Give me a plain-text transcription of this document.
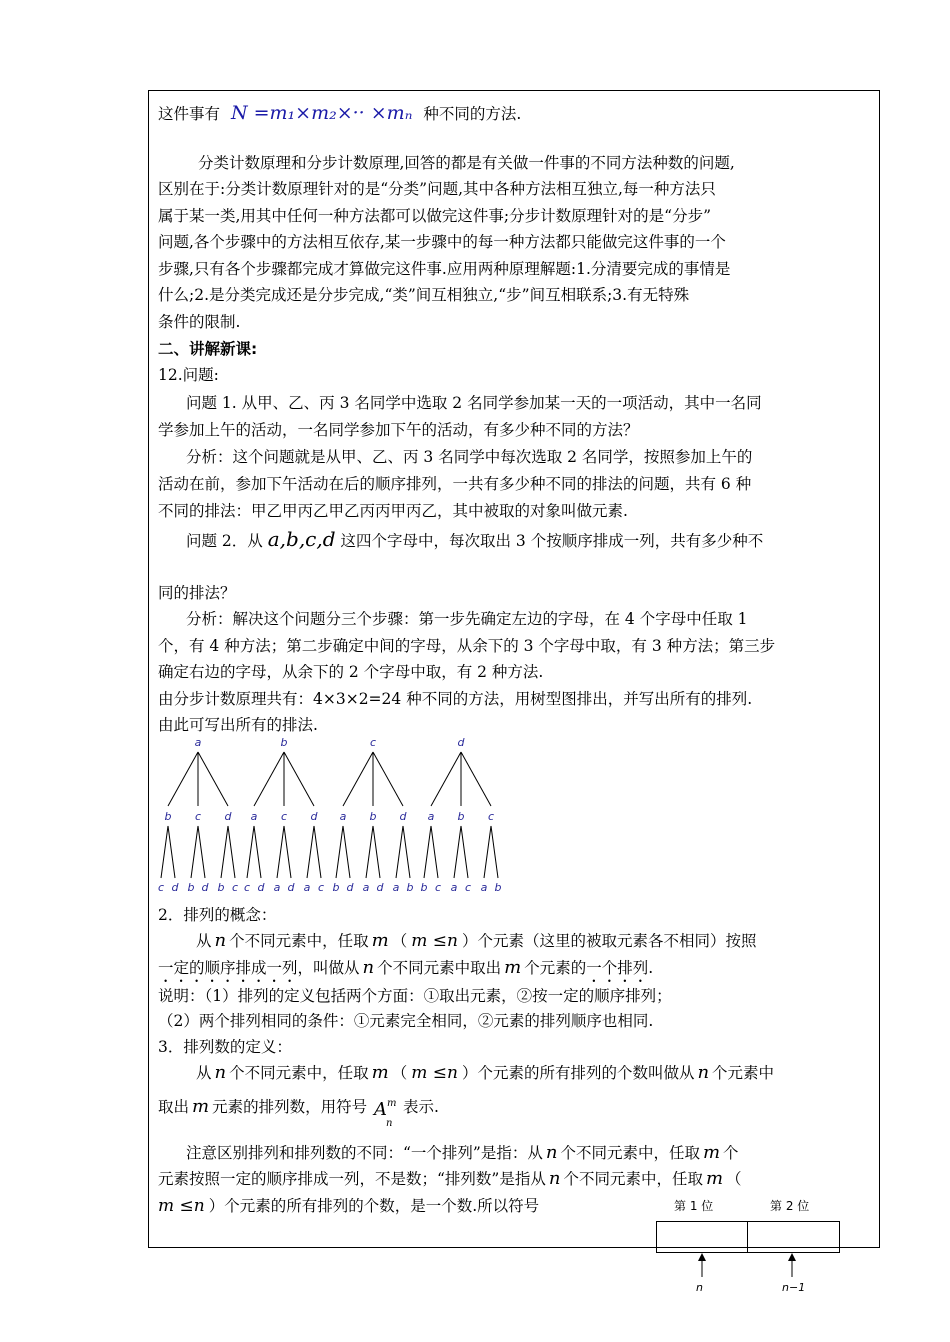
这件事有 N =m₁×m₂×·· ×mₙ 种不同的方法.
分类计数原理和分步计数原理,回答的都是有关做一件事的不同方法种数的问题,
区别在于:分类计数原理针对的是“分类”问题,其中各种方法相互独立,每一种方法只
属于某一类,用其中任何一种方法都可以做完这件事;分步计数原理针对的是“分步”
问题,各个步骤中的方法相互依存,某一步骤中的每一种方法都只能做完这件事的一个
步骤,只有各个步骤都完成才算做完这件事.应用两种原理解题:1.分清要完成的事情是
什么;2.是分类完成还是分步完成,“类”间互相独立,“步”间互相联系;3.有无特殊
条件的限制.
二、讲解新课:
12.问题:
问题 1. 从甲、乙、丙 3 名同学中选取 2 名同学参加某一天的一项活动，其中一名同
学参加上午的活动，一名同学参加下午的活动，有多少种不同的方法？
分析：这个问题就是从甲、乙、丙 3 名同学中每次选取 2 名同学，按照参加上午的
活动在前，参加下午活动在后的顺序排列，一共有多少种不同的排法的问题，共有 6 种
不同的排法：甲乙甲丙乙甲乙丙丙甲丙乙，其中被取的对象叫做元素.
问题 2．从 a,b,c,d 这四个字母中，每次取出 3 个按顺序排成一列，共有多少种不
同的排法？
分析：解决这个问题分三个步骤：第一步先确定左边的字母，在 4 个字母中任取 1
个，有 4 种方法；第二步确定中间的字母，从余下的 3 个字母中取，有 3 种方法；第三步
确定右边的字母，从余下的 2 个字母中取，有 2 种方法.
由分步计数原理共有：4×3×2=24 种不同的方法，用树型图排出，并写出所有的排列.
由此可写出所有的排法.
a
b
c d
c
b d
d
b c
b
a
c d
c
a d
d
a c
c
a
b d
b
a d
d
a b
d
a
b c
b
a c
c
a b
2．排列的概念：
从 n 个不同元素中，任取 m （ m ≤n ）个元素（这里的被取元素各不相同）按照
一定的顺序排成一列，叫做从 n 个不同元素中取出 m 个元素的一个排列.
说明：（1）排列的定义包括两个方面：①取出元素，②按一定的顺序排列；
（2）两个排列相同的条件：①元素完全相同，②元素的排列顺序也相同.
3．排列数的定义：
从 n 个不同元素中，任取 m （ m ≤n ）个元素的所有排列的个数叫做从 n 个元素中
取出 m 元素的排列数，用符号 A m
n
表示.
注意区别排列和排列数的不同：“一个排列”是指：从 n 个不同元素中，任取 m 个
元素按照一定的顺序排成一列，不是数；“排列数”是指从 n 个不同元素中，任取 m （
m ≤n ）个元素的所有排列的个数，是一个数.所以符号	第 1 位	第 2 位
n	n−1
